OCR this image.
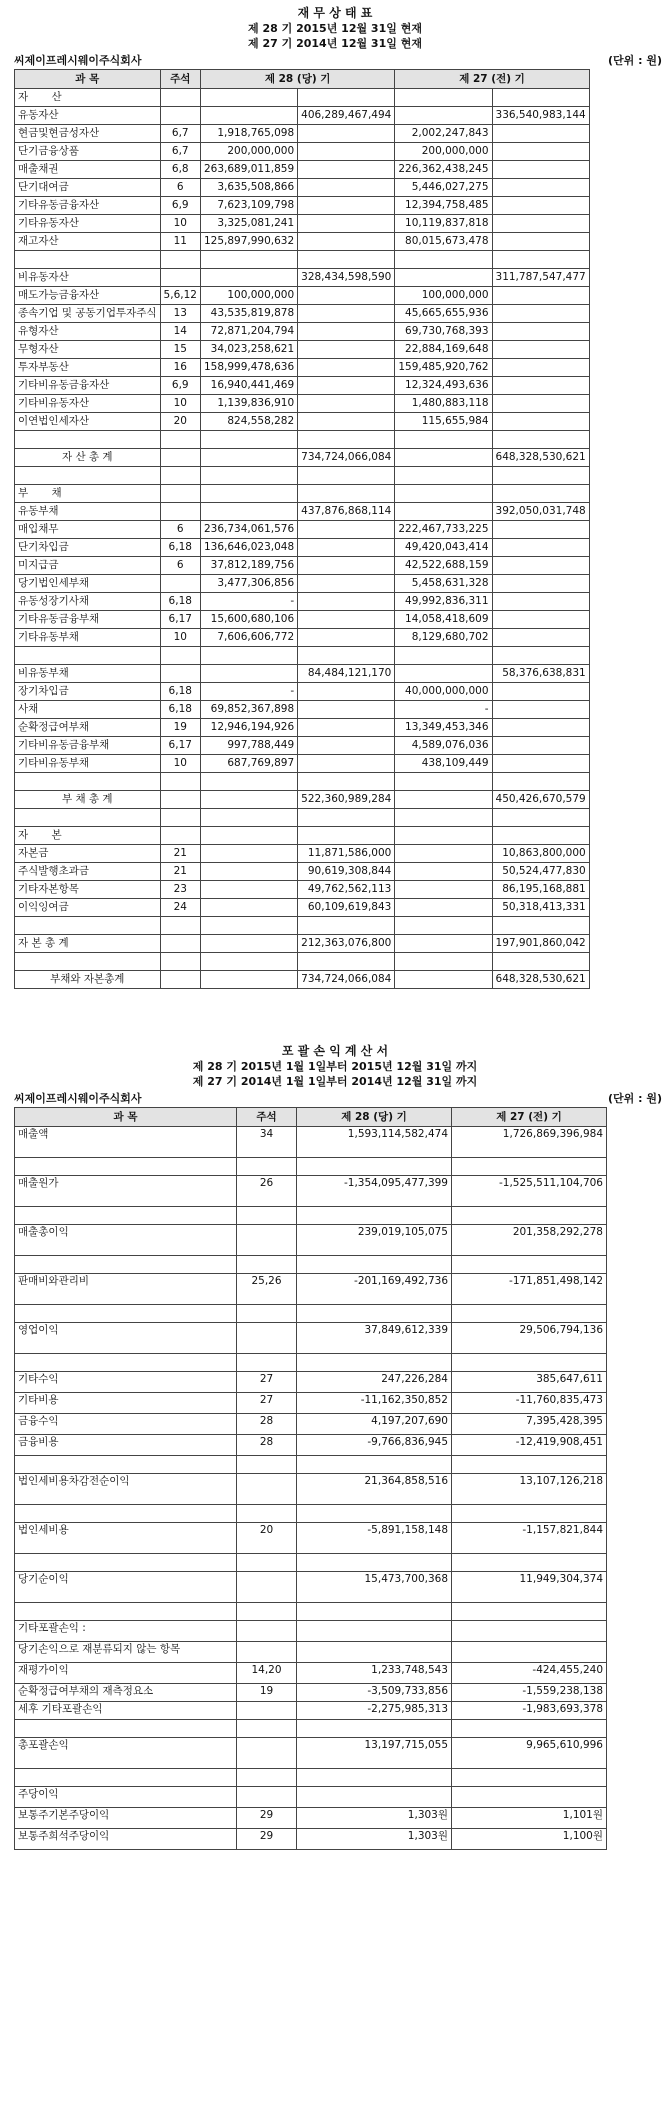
재 무 상 태 표
제 28 기 2015년 12월 31일 현재
제 27 기 2014년 12월 31일 현재
씨제이프레시웨이주식회사	(단위 : 원)
과 목	주석	제 28 (당) 기		제 27 (전) 기	
자 산					
유동자산			406,289,467,494		336,540,983,144
현금및현금성자산	6,7	1,918,765,098		2,002,247,843	
단기금융상품	6,7	200,000,000		200,000,000	
매출채권	6,8	263,689,011,859		226,362,438,245	
단기대여금	6	3,635,508,866		5,446,027,275	
기타유동금융자산	6,9	7,623,109,798		12,394,758,485	
기타유동자산	10	3,325,081,241		10,119,837,818	
재고자산	11	125,897,990,632		80,015,673,478	

비유동자산			328,434,598,590		311,787,547,477
매도가능금융자산	5,6,12	100,000,000		100,000,000	
종속기업 및 공동기업투자주식	13	43,535,819,878		45,665,655,936	
유형자산	14	72,871,204,794		69,730,768,393	
무형자산	15	34,023,258,621		22,884,169,648	
투자부동산	16	158,999,478,636		159,485,920,762	
기타비유동금융자산	6,9	16,940,441,469		12,324,493,636	
기타비유동자산	10	1,139,836,910		1,480,883,118	
이연법인세자산	20	824,558,282		115,655,984	

자 산 총 계			734,724,066,084		648,328,530,621

부 채					
유동부채			437,876,868,114		392,050,031,748
매입채무	6	236,734,061,576		222,467,733,225	
단기차입금	6,18	136,646,023,048		49,420,043,414	
미지급금	6	37,812,189,756		42,522,688,159	
당기법인세부채		3,477,306,856		5,458,631,328	
유동성장기사채	6,18	-		49,992,836,311	
기타유동금융부채	6,17	15,600,680,106		14,058,418,609	
기타유동부채	10	7,606,606,772		8,129,680,702	

비유동부채			84,484,121,170		58,376,638,831
장기차입금	6,18	-		40,000,000,000	
사채	6,18	69,852,367,898		-	
순확정급여부채	19	12,946,194,926		13,349,453,346	
기타비유동금융부채	6,17	997,788,449		4,589,076,036	
기타비유동부채	10	687,769,897		438,109,449	

부 채 총 계			522,360,989,284		450,426,670,579

자 본					
자본금	21		11,871,586,000		10,863,800,000
주식발행초과금	21		90,619,308,844		50,524,477,830
기타자본항목	23		49,762,562,113		86,195,168,881
이익잉여금	24		60,109,619,843		50,318,413,331

자 본 총 계			212,363,076,800		197,901,860,042

부채와 자본총계			734,724,066,084		648,328,530,621
포 괄 손 익 계 산 서
제 28 기 2015년 1월 1일부터 2015년 12월 31일 까지
제 27 기 2014년 1월 1일부터 2014년 12월 31일 까지
씨제이프레시웨이주식회사	(단위 : 원)
과 목	주석	제 28 (당) 기	제 27 (전) 기
매출액	34	1,593,114,582,474	1,726,869,396,984

매출원가	26	-1,354,095,477,399	-1,525,511,104,706

매출총이익		239,019,105,075	201,358,292,278

판매비와관리비	25,26	-201,169,492,736	-171,851,498,142

영업이익		37,849,612,339	29,506,794,136

기타수익	27	247,226,284	385,647,611
기타비용	27	-11,162,350,852	-11,760,835,473
금융수익	28	4,197,207,690	7,395,428,395
금융비용	28	-9,766,836,945	-12,419,908,451

법인세비용차감전순이익		21,364,858,516	13,107,126,218

법인세비용	20	-5,891,158,148	-1,157,821,844

당기순이익		15,473,700,368	11,949,304,374

기타포괄손익 :			
당기손익으로 재분류되지 않는 항목			
재평가이익	14,20	1,233,748,543	-424,455,240
순확정급여부채의 재측정요소	19	-3,509,733,856	-1,559,238,138
세후 기타포괄손익		-2,275,985,313	-1,983,693,378

총포괄손익		13,197,715,055	9,965,610,996

주당이익			
보통주기본주당이익	29	1,303원	1,101원
보통주희석주당이익	29	1,303원	1,100원
